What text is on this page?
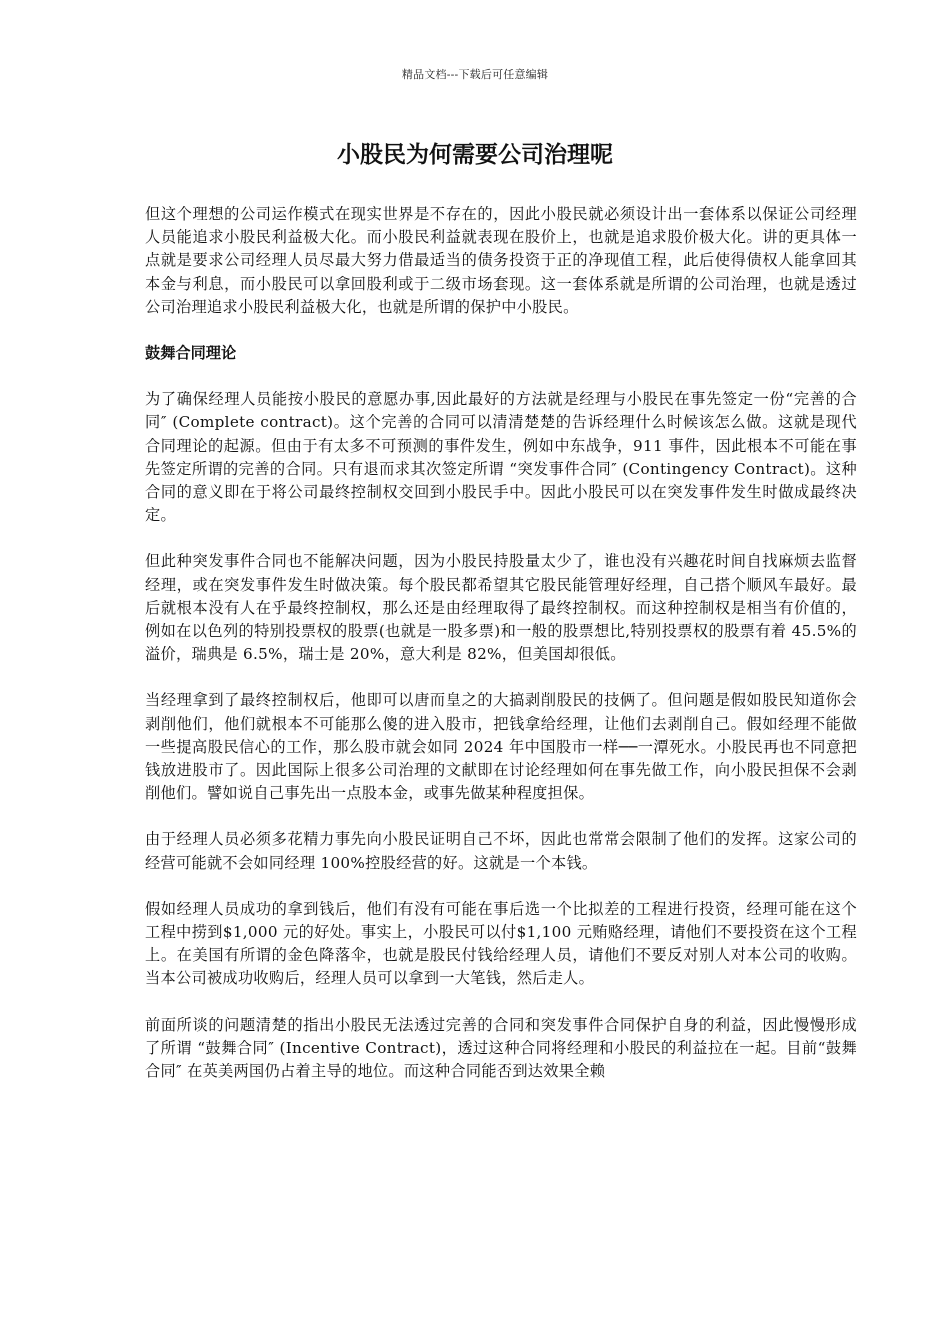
精品文档---下载后可任意编辑
小股民为何需要公司治理呢

但这个理想的公司运作模式在现实世界是不存在的，因此小股民就必须设计出一套体系以保证公司经理人员能追求小股民利益极大化。而小股民利益就表现在股价上，也就是追求股价极大化。讲的更具体一点就是要求公司经理人员尽最大努力借最适当的债务投资于正的净现值工程，此后使得债权人能拿回其本金与利息，而小股民可以拿回股利或于二级市场套现。这一套体系就是所谓的公司治理，也就是透过公司治理追求小股民利益极大化，也就是所谓的保护中小股民。

鼓舞合同理论

为了确保经理人员能按小股民的意愿办事,因此最好的方法就是经理与小股民在事先签定一份“完善的合同″ (Complete contract)。这个完善的合同可以清清楚楚的告诉经理什么时候该怎么做。这就是现代合同理论的起源。但由于有太多不可预测的事件发生，例如中东战争，911 事件，因此根本不可能在事先签定所谓的完善的合同。只有退而求其次签定所谓 “突发事件合同″ (Contingency Contract)。这种合同的意义即在于将公司最终控制权交回到小股民手中。因此小股民可以在突发事件发生时做成最终决定。

但此种突发事件合同也不能解决问题，因为小股民持股量太少了，谁也没有兴趣花时间自找麻烦去监督经理，或在突发事件发生时做决策。每个股民都希望其它股民能管理好经理，自己搭个顺风车最好。最后就根本没有人在乎最终控制权，那么还是由经理取得了最终控制权。而这种控制权是相当有价值的，例如在以色列的特别投票权的股票(也就是一股多票)和一般的股票想比,特别投票权的股票有着 45.5%的溢价，瑞典是 6.5%，瑞士是 20%，意大利是 82%，但美国却很低。

当经理拿到了最终控制权后，他即可以唐而皇之的大搞剥削股民的技俩了。但问题是假如股民知道你会剥削他们，他们就根本不可能那么傻的进入股市，把钱拿给经理，让他们去剥削自己。假如经理不能做一些提高股民信心的工作，那么股市就会如同 2024 年中国股市一样──一潭死水。小股民再也不同意把钱放进股市了。因此国际上很多公司治理的文献即在讨论经理如何在事先做工作，向小股民担保不会剥削他们。譬如说自己事先出一点股本金，或事先做某种程度担保。

由于经理人员必须多花精力事先向小股民证明自己不坏，因此也常常会限制了他们的发挥。这家公司的经营可能就不会如同经理 100%控股经营的好。这就是一个本钱。

假如经理人员成功的拿到钱后，他们有没有可能在事后选一个比拟差的工程进行投资，经理可能在这个工程中捞到$1,000 元的好处。事实上，小股民可以付$1,100 元贿赂经理，请他们不要投资在这个工程上。在美国有所谓的金色降落伞，也就是股民付钱给经理人员，请他们不要反对别人对本公司的收购。当本公司被成功收购后，经理人员可以拿到一大笔钱，然后走人。

前面所谈的问题清楚的指出小股民无法透过完善的合同和突发事件合同保护自身的利益，因此慢慢形成了所谓 “鼓舞合同″ (Incentive Contract)，透过这种合同将经理和小股民的利益拉在一起。目前“鼓舞合同″ 在英美两国仍占着主导的地位。而这种合同能否到达效果全赖
